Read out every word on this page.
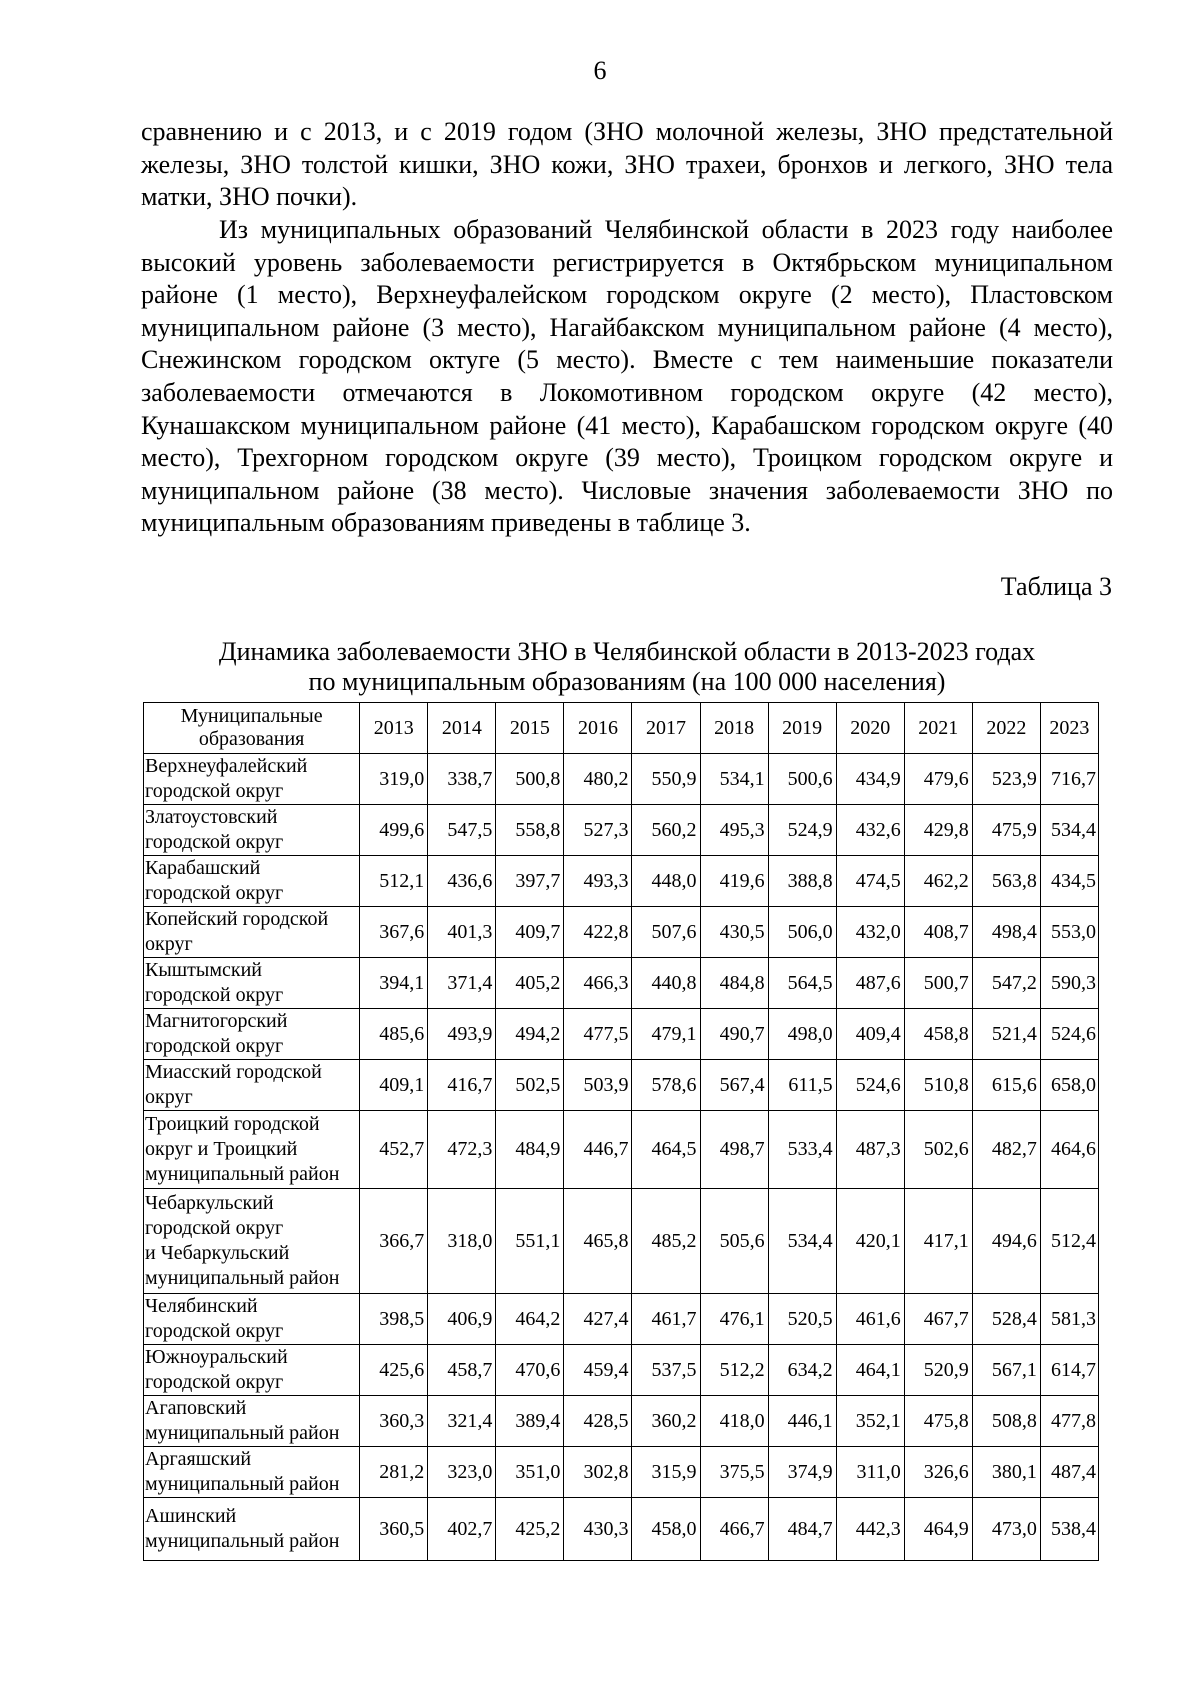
6

сравнению и с 2013, и с 2019 годом (ЗНО молочной железы, ЗНО предстательной железы, ЗНО толстой кишки, ЗНО кожи, ЗНО трахеи, бронхов и легкого, ЗНО тела матки, ЗНО почки).

Из муниципальных образований Челябинской области в 2023 году наиболее высокий уровень заболеваемости регистрируется в Октябрьском муниципальном районе (1 место), Верхнеуфалейском городском округе (2 место), Пластовском муниципальном районе (3 место), Нагайбакском муниципальном районе (4 место), Снежинском городском октуге (5 место). Вместе с тем наименьшие показатели заболеваемости отмечаются в Локомотивном городском округе (42 место), Кунашакском муниципальном районе (41 место), Карабашском городском округе (40 место), Трехгорном городском округе (39 место), Троицком городском округе и муниципальном районе (38 место). Числовые значения заболеваемости ЗНО по муниципальным образованиям приведены в таблице 3.

Таблица 3
Динамика заболеваемости ЗНО в Челябинской области в 2013-2023 годах
по муниципальным образованиям (на 100 000 населения)
Муниципальные образования	2013	2014	2015	2016	2017	2018	2019	2020	2021	2022	2023
Верхнеуфалейский
городской округ	319,0	338,7	500,8	480,2	550,9	534,1	500,6	434,9	479,6	523,9	716,7
Златоустовский
городской округ	499,6	547,5	558,8	527,3	560,2	495,3	524,9	432,6	429,8	475,9	534,4
Карабашский
городской округ	512,1	436,6	397,7	493,3	448,0	419,6	388,8	474,5	462,2	563,8	434,5
Копейский городской
округ	367,6	401,3	409,7	422,8	507,6	430,5	506,0	432,0	408,7	498,4	553,0
Кыштымский
городской округ	394,1	371,4	405,2	466,3	440,8	484,8	564,5	487,6	500,7	547,2	590,3
Магнитогорский
городской округ	485,6	493,9	494,2	477,5	479,1	490,7	498,0	409,4	458,8	521,4	524,6
Миасский городской
округ	409,1	416,7	502,5	503,9	578,6	567,4	611,5	524,6	510,8	615,6	658,0
Троицкий городской
округ и Троицкий
муниципальный район	452,7	472,3	484,9	446,7	464,5	498,7	533,4	487,3	502,6	482,7	464,6
Чебаркульский
городской округ
и Чебаркульский
муниципальный район	366,7	318,0	551,1	465,8	485,2	505,6	534,4	420,1	417,1	494,6	512,4
Челябинский
городской округ	398,5	406,9	464,2	427,4	461,7	476,1	520,5	461,6	467,7	528,4	581,3
Южноуральский
городской округ	425,6	458,7	470,6	459,4	537,5	512,2	634,2	464,1	520,9	567,1	614,7
Агаповский
муниципальный район	360,3	321,4	389,4	428,5	360,2	418,0	446,1	352,1	475,8	508,8	477,8
Аргаяшский
муниципальный район	281,2	323,0	351,0	302,8	315,9	375,5	374,9	311,0	326,6	380,1	487,4
Ашинский
муниципальный район	360,5	402,7	425,2	430,3	458,0	466,7	484,7	442,3	464,9	473,0	538,4
